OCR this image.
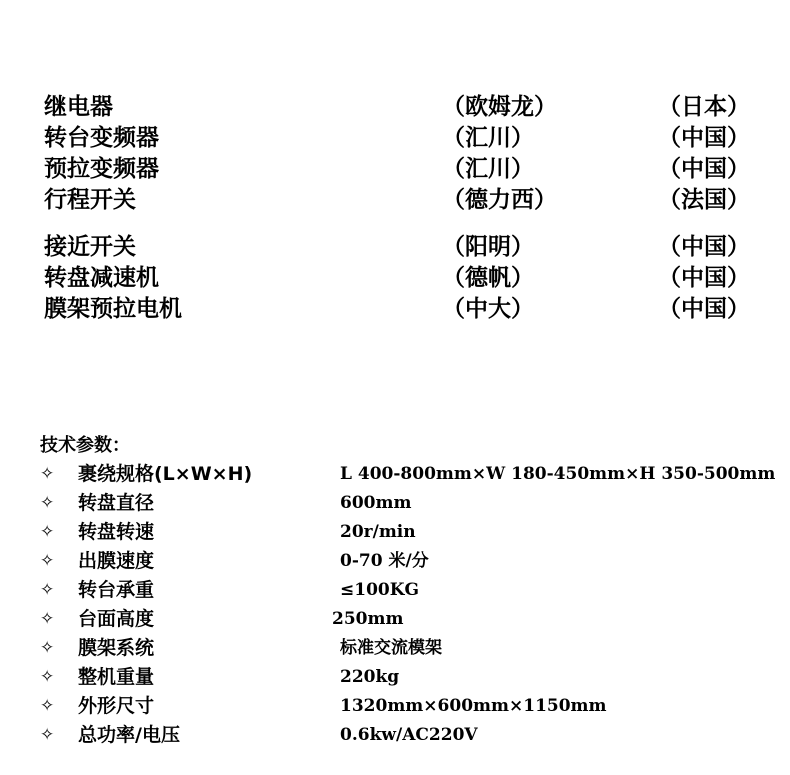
继电器	（欧姆龙）	（日本）
转台变频器	（汇川）	（中国）
预拉变频器	（汇川）	（中国）
行程开关	（德力西）	（法国）
接近开关	（阳明）	（中国）
转盘减速机	（德帆）	（中国）
膜架预拉电机	（中大）	（中国）
技术参数：
✧ 裹绕规格(L×W×H)	L 400-800mm×W 180-450mm×H 350-500mm
✧ 转盘直径	600mm
✧ 转盘转速	20r/min
✧ 出膜速度	0-70 米/分
✧ 转台承重	≤100KG
✧ 台面高度	250mm
✧ 膜架系统	标准交流模架
✧ 整机重量	220kg
✧ 外形尺寸	1320mm×600mm×1150mm
✧ 总功率/电压	0.6kw/AC220V
